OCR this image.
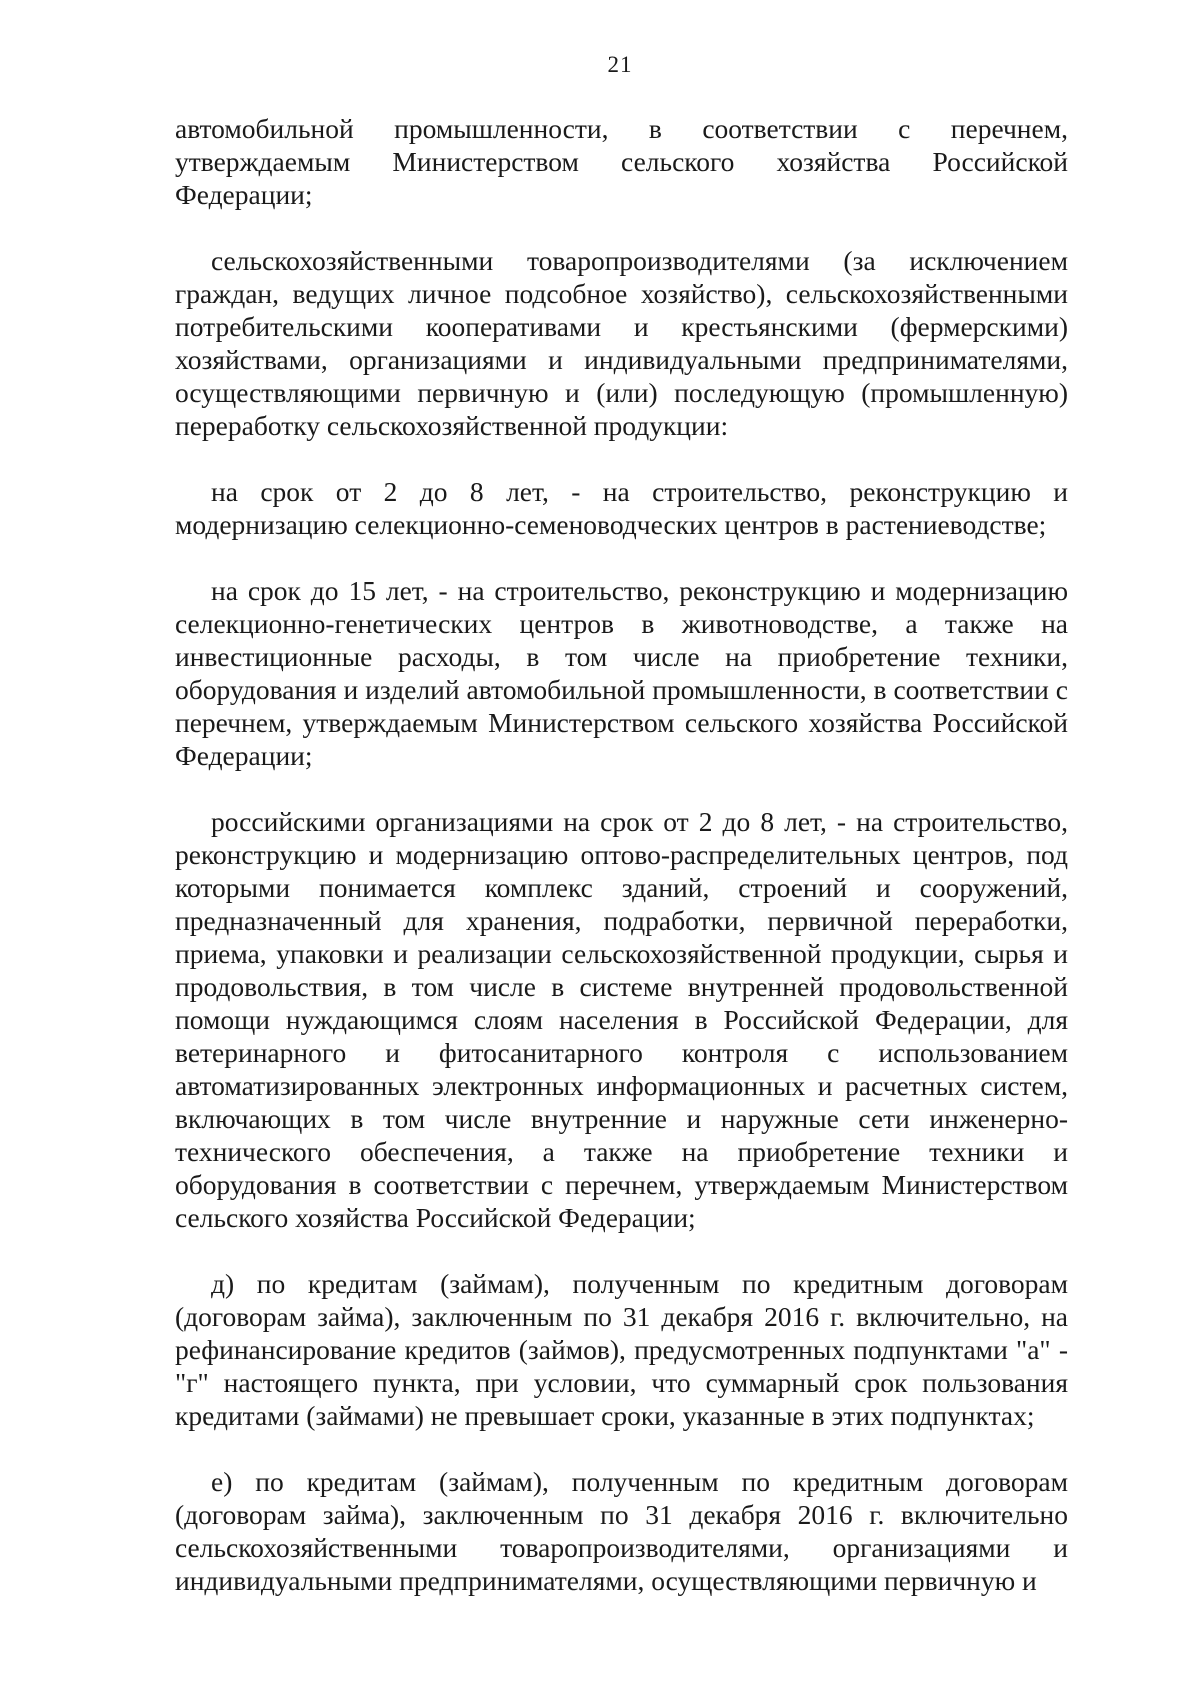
21

автомобильной промышленности, в соответствии с перечнем, утверждаемым Министерством сельского хозяйства Российской Федерации;

сельскохозяйственными товаропроизводителями (за исключением граждан, ведущих личное подсобное хозяйство), сельскохозяйственными потребительскими кооперативами и крестьянскими (фермерскими) хозяйствами, организациями и индивидуальными предпринимателями, осуществляющими первичную и (или) последующую (промышленную) переработку сельскохозяйственной продукции:

на срок от 2 до 8 лет, - на строительство, реконструкцию и модернизацию селекционно-семеноводческих центров в растениеводстве;

на срок до 15 лет, - на строительство, реконструкцию и модернизацию селекционно-генетических центров в животноводстве, а также на инвестиционные расходы, в том числе на приобретение техники, оборудования и изделий автомобильной промышленности, в соответствии с перечнем, утверждаемым Министерством сельского хозяйства Российской Федерации;

российскими организациями на срок от 2 до 8 лет, - на строительство, реконструкцию и модернизацию оптово-распределительных центров, под которыми понимается комплекс зданий, строений и сооружений, предназначенный для хранения, подработки, первичной переработки, приема, упаковки и реализации сельскохозяйственной продукции, сырья и продовольствия, в том числе в системе внутренней продовольственной помощи нуждающимся слоям населения в Российской Федерации, для ветеринарного и фитосанитарного контроля с использованием автоматизированных электронных информационных и расчетных систем, включающих в том числе внутренние и наружные сети инженерно-технического обеспечения, а также на приобретение техники и оборудования в соответствии с перечнем, утверждаемым Министерством сельского хозяйства Российской Федерации;

д) по кредитам (займам), полученным по кредитным договорам (договорам займа), заключенным по 31 декабря 2016 г. включительно, на рефинансирование кредитов (займов), предусмотренных подпунктами "а" - "г" настоящего пункта, при условии, что суммарный срок пользования кредитами (займами) не превышает сроки, указанные в этих подпунктах;

е) по кредитам (займам), полученным по кредитным договорам (договорам займа), заключенным по 31 декабря 2016 г. включительно сельскохозяйственными товаропроизводителями, организациями и индивидуальными предпринимателями, осуществляющими первичную и
